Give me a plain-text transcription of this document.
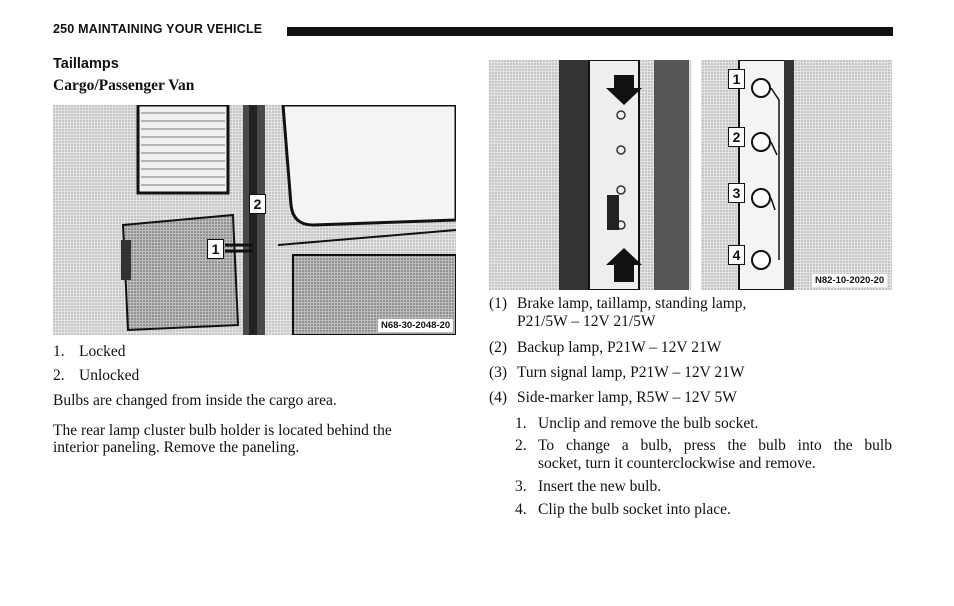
250 MAINTAINING YOUR VEHICLE
Taillamps
Cargo/Passenger Van
1
2
N68-30-2048-20
1. Locked
2. Unlocked
Bulbs are changed from inside the cargo area.
The rear lamp cluster bulb holder is located behind the
interior paneling. Remove the paneling.
1
2
3
4
N82-10-2020-20
(1) Brake lamp, taillamp, standing lamp,
P21/5W – 12V 21/5W
(2) Backup lamp, P21W – 12V 21W
(3) Turn signal lamp, P21W – 12V 21W
(4) Side-marker lamp, R5W – 12V 5W
1. Unclip and remove the bulb socket.
2. To change a bulb, press the bulb into the bulb
socket, turn it counterclockwise and remove.
3. Insert the new bulb.
4. Clip the bulb socket into place.
